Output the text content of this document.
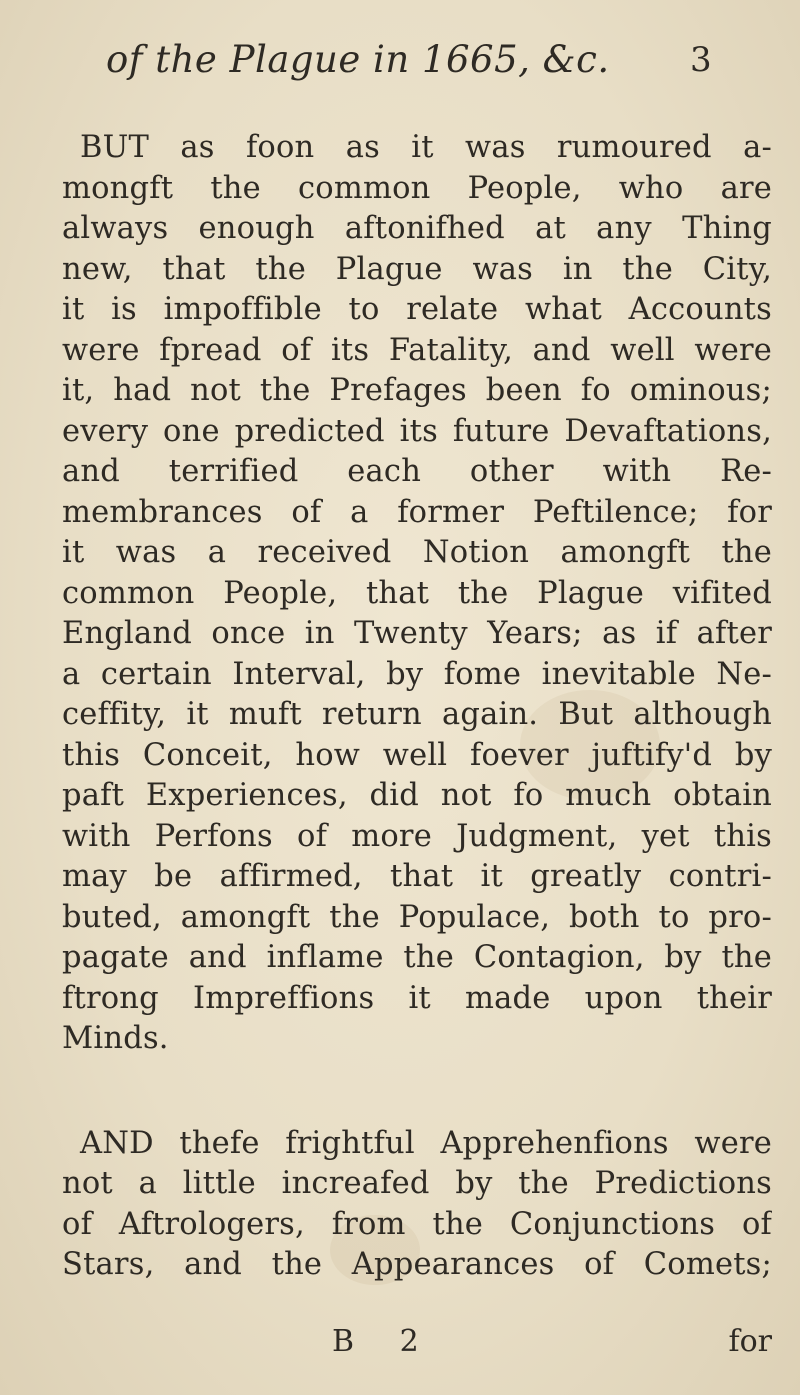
of the Plague in 1665, &c. 3

BUT as foon as it was rumoured a-
mongft the common People, who are
always enough aftonifhed at any Thing
new, that the Plague was in the City,
it is impoffible to relate what Accounts
were fpread of its Fatality, and well were
it, had not the Prefages been fo ominous;
every one predicted its future Devaftations,
and terrified each other with Re-
membrances of a former Peftilence; for
it was a received Notion amongft the
common People, that the Plague vifited
England once in Twenty Years; as if after
a certain Interval, by fome inevitable Ne-
ceffity, it muft return again. But although
this Conceit, how well foever juftify'd by
paft Experiences, did not fo much obtain
with Perfons of more Judgment, yet this
may be affirmed, that it greatly contri-
buted, amongft the Populace, both to pro-
pagate and inflame the Contagion, by the
ftrong Impreffions it made upon their
Minds.

AND thefe frightful Apprehenfions were
not a little increafed by the Predictions
of Aftrologers, from the Conjunctions of
Stars, and the Appearances of Comets;

B 2	for
